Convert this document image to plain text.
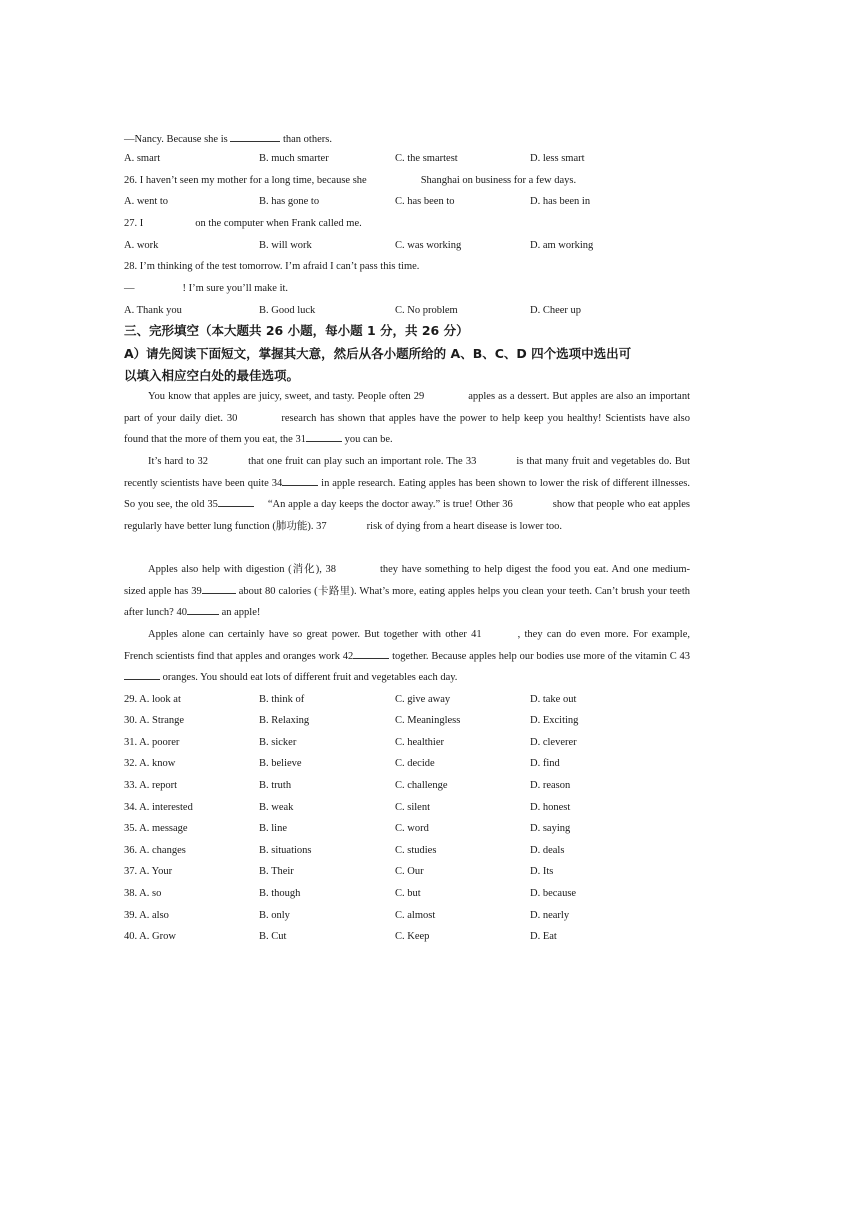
—Nancy. Because she is	than others.
A. smart	B. much smarter	C. the smartest	D. less smart
26. I haven’t seen my mother for a long time, because she	Shanghai on business for a few days.
A. went to	B. has gone to	C. has been to	D. has been in
27. I	on the computer when Frank called me.
A. work	B. will work	C. was working	D. am working
28. I’m thinking of the test tomorrow. I’m afraid I can’t pass this time.
—	! I’m sure you’ll make it.
A. Thank you	B. Good luck	C. No problem	D. Cheer up
三、完形填空（本大题共 26 小题，每小题 1 分，共 26 分）
A）请先阅读下面短文，掌握其大意，然后从各小题所给的 A、B、C、D 四个选项中选出可
以填入相应空白处的最佳选项。
You know that apples are juicy, sweet, and tasty. People often 29	apples as a dessert. But apples are also an important part of your daily diet. 30	research has shown that apples have the power to help keep you healthy! Scientists have also found that the more of them you eat, the 31	you can be.
It’s hard to 32	that one fruit can play such an important role. The 33	is that many fruit and vegetables do. But recently scientists have been quite 34	in apple research. Eating apples has been shown to lower the risk of different illnesses. So you see, the old 35	“An apple a day keeps the doctor away.” is true! Other 36	show that people who eat apples regularly have better lung function (肺功能). 37	risk of dying from a heart disease is lower too.
Apples also help with digestion (消化), 38	they have something to help digest the food you eat. And one medium-sized apple has 39	about 80 calories (卡路里). What’s more, eating apples helps you clean your teeth. Can’t brush your teeth after lunch? 40	an apple!
Apples alone can certainly have so great power. But together with other 41	, they can do even more. For example, French scientists find that apples and oranges work 42	together. Because apples help our bodies use more of the vitamin C 43 oranges. You should eat lots of different fruit and vegetables each day.
29. A. look at	B. think of	C. give away	D. take out
30. A. Strange	B. Relaxing	C. Meaningless	D. Exciting
31. A. poorer	B. sicker	C. healthier	D. cleverer
32. A. know	B. believe	C. decide	D. find
33. A. report	B. truth	C. challenge	D. reason
34. A. interested	B. weak	C. silent	D. honest
35. A. message	B. line	C. word	D. saying
36. A. changes	B. situations	C. studies	D. deals
37. A. Your	B. Their	C. Our	D. Its
38. A. so	B. though	C. but	D. because
39. A. also	B. only	C. almost	D. nearly
40. A. Grow	B. Cut	C. Keep	D. Eat
